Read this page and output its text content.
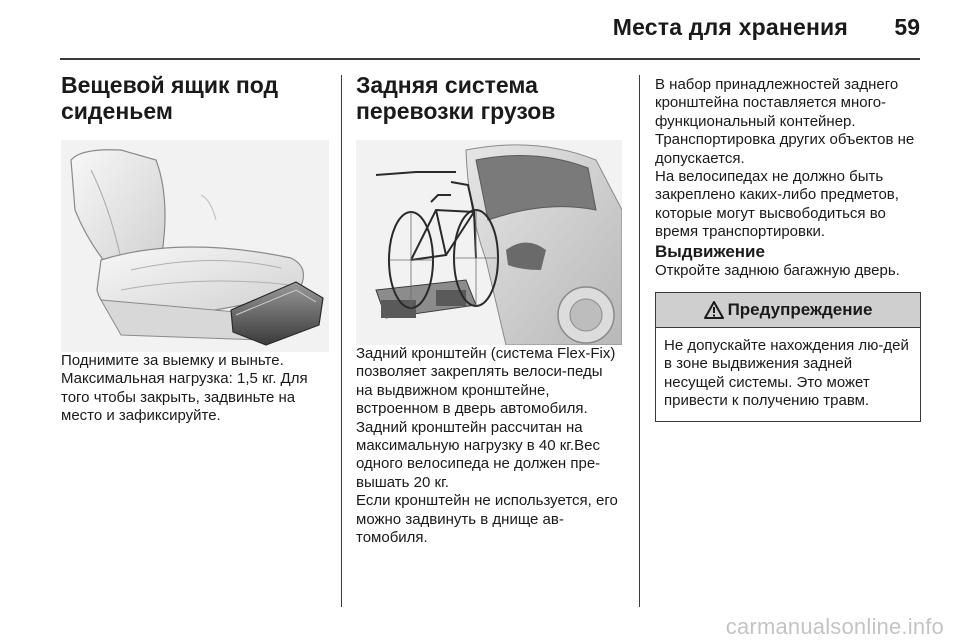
Места для хранения 59
Вещевой ящик под сиденьем

Поднимите за выемку и выньте. Максимальная нагрузка: 1,5 кг. Для того чтобы закрыть, задвиньте на место и зафиксируйте.

Задняя система перевозки грузов

Задний кронштейн (система Flex-Fix) позволяет закреплять велоси-педы на выдвижном кронштейне, встроенном в дверь автомобиля.

Задний кронштейн рассчитан на максимальную нагрузку в 40 кг.Вес одного велосипеда не должен пре-вышать 20 кг.

Если кронштейн не используется, его можно задвинуть в днище ав-томобиля.

В набор принадлежностей заднего кронштейна поставляется много-функциональный контейнер. Транспортировка других объектов не допускается.

На велосипедах не должно быть закреплено каких-либо предметов, которые могут высвободиться во время транспортировки.

Выдвижение

Откройте заднюю багажную дверь.

Предупреждение

Не допускайте нахождения лю-дей в зоне выдвижения задней несущей системы. Это может привести к получению травм.

carmanualsonline.info
